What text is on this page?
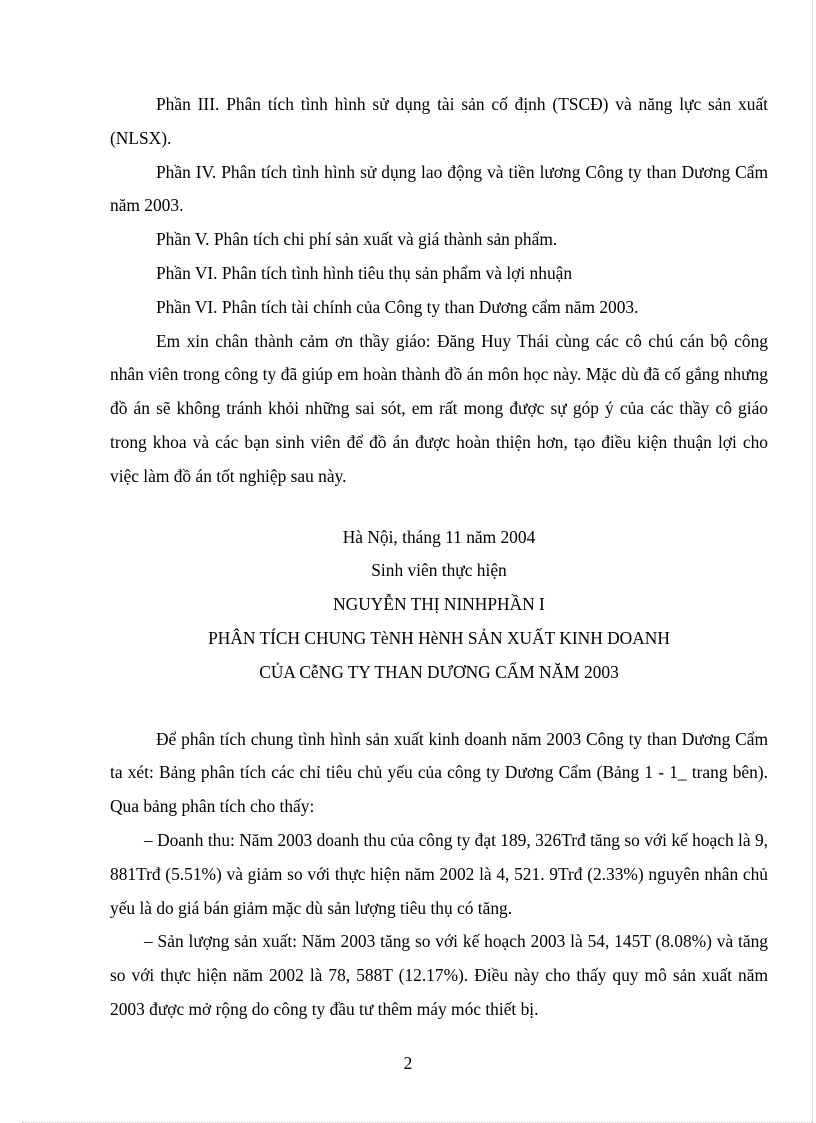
Phần III. Phân tích tình hình sử dụng tài sản cố định (TSCĐ) và năng lực sản xuất (NLSX).

Phần IV. Phân tích tình hình sử dụng lao động và tiền lương Công ty than Dương Cẩm năm 2003.

Phần V. Phân tích chi phí sản xuất và giá thành sản phẩm.

Phần VI. Phân tích tình hình tiêu thụ sản phẩm và lợi nhuận

Phần VI. Phân tích tài chính của Công ty than Dương cẩm năm 2003.

Em xin chân thành cảm ơn thầy giáo: Đăng Huy Thái cùng các cô chú cán bộ công nhân viên trong công ty đã giúp em hoàn thành đồ án môn học này. Mặc dù đã cố gắng nhưng đồ án sẽ không tránh khỏi những sai sót, em rất mong được sự góp ý của các thầy cô giáo trong khoa và các bạn sinh viên để đồ án được hoàn thiện hơn, tạo điều kiện thuận lợi cho việc làm đồ án tốt nghiệp sau này.

Hà Nội, tháng 11 năm 2004

Sinh viên thực hiện

NGUYỄN THỊ NINHPHẦN I

PHÂN TÍCH CHUNG TèNH HèNH SẢN XUẤT KINH DOANH

CỦA CễNG TY THAN DƯƠNG CẨM NĂM 2003

Để phân tích chung tình hình sản xuất kinh doanh năm 2003 Công ty than Dương Cẩm ta xét: Bảng phân tích các chỉ tiêu chủ yếu của công ty Dương Cẩm (Bảng 1 - 1_ trang bên). Qua bảng phân tích cho thấy:

– Doanh thu: Năm 2003 doanh thu của công ty đạt 189, 326Trđ tăng so với kế hoạch là 9, 881Trđ (5.51%) và giảm so với thực hiện năm 2002 là 4, 521. 9Trđ (2.33%) nguyên nhân chủ yếu là do giá bán giảm mặc dù sản lượng tiêu thụ có tăng.

– Sản lượng sản xuất: Năm 2003 tăng so với kế hoạch 2003 là 54, 145T (8.08%) và tăng so với thực hiện năm 2002 là 78, 588T (12.17%). Điều này cho thấy quy mô sản xuất năm 2003 được mở rộng do công ty đầu tư thêm máy móc thiết bị.

2
